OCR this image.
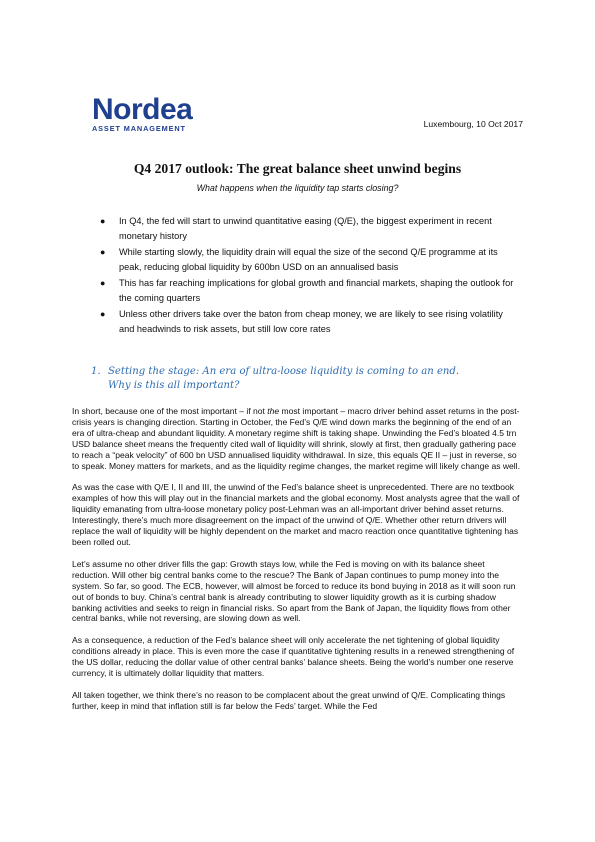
Nordea
ASSET MANAGEMENT	Luxembourg, 10 Oct 2017
Q4 2017 outlook: The great balance sheet unwind begins

What happens when the liquidity tap starts closing?

● In Q4, the fed will start to unwind quantitative easing (Q/E), the biggest experiment in recent monetary history
● While starting slowly, the liquidity drain will equal the size of the second Q/E programme at its peak, reducing global liquidity by 600bn USD on an annualised basis
● This has far reaching implications for global growth and financial markets, shaping the outlook for the coming quarters
● Unless other drivers take over the baton from cheap money, we are likely to see rising volatility and headwinds to risk assets, but still low core rates
1. Setting the stage: An era of ultra-loose liquidity is coming to an end.
Why is this all important?

In short, because one of the most important – if not the most important – macro driver behind asset returns in the post-crisis years is changing direction. Starting in October, the Fed’s Q/E wind down marks the beginning of the end of an era of ultra-cheap and abundant liquidity. A monetary regime shift is taking shape. Unwinding the Fed’s bloated 4.5 trn USD balance sheet means the frequently cited wall of liquidity will shrink, slowly at first, then gradually gathering pace to reach a “peak velocity” of 600 bn USD annualised liquidity withdrawal. In size, this equals QE II – just in reverse, so to speak. Money matters for markets, and as the liquidity regime changes, the market regime will likely change as well.

As was the case with Q/E I, II and III, the unwind of the Fed’s balance sheet is unprecedented. There are no textbook examples of how this will play out in the financial markets and the global economy. Most analysts agree that the wall of liquidity emanating from ultra-loose monetary policy post-Lehman was an all-important driver behind asset returns. Interestingly, there’s much more disagreement on the impact of the unwind of Q/E. Whether other return drivers will replace the wall of liquidity will be highly dependent on the market and macro reaction once quantitative tightening has been rolled out.

Let’s assume no other driver fills the gap: Growth stays low, while the Fed is moving on with its balance sheet reduction. Will other big central banks come to the rescue? The Bank of Japan continues to pump money into the system. So far, so good. The ECB, however, will almost be forced to reduce its bond buying in 2018 as it will soon run out of bonds to buy. China’s central bank is already contributing to slower liquidity growth as it is curbing shadow banking activities and seeks to reign in financial risks. So apart from the Bank of Japan, the liquidity flows from other central banks, while not reversing, are slowing down as well.

As a consequence, a reduction of the Fed’s balance sheet will only accelerate the net tightening of global liquidity conditions already in place. This is even more the case if quantitative tightening results in a renewed strengthening of the US dollar, reducing the dollar value of other central banks’ balance sheets. Being the world’s number one reserve currency, it is ultimately dollar liquidity that matters.

All taken together, we think there’s no reason to be complacent about the great unwind of Q/E. Complicating things further, keep in mind that inflation still is far below the Feds’ target. While the Fed
